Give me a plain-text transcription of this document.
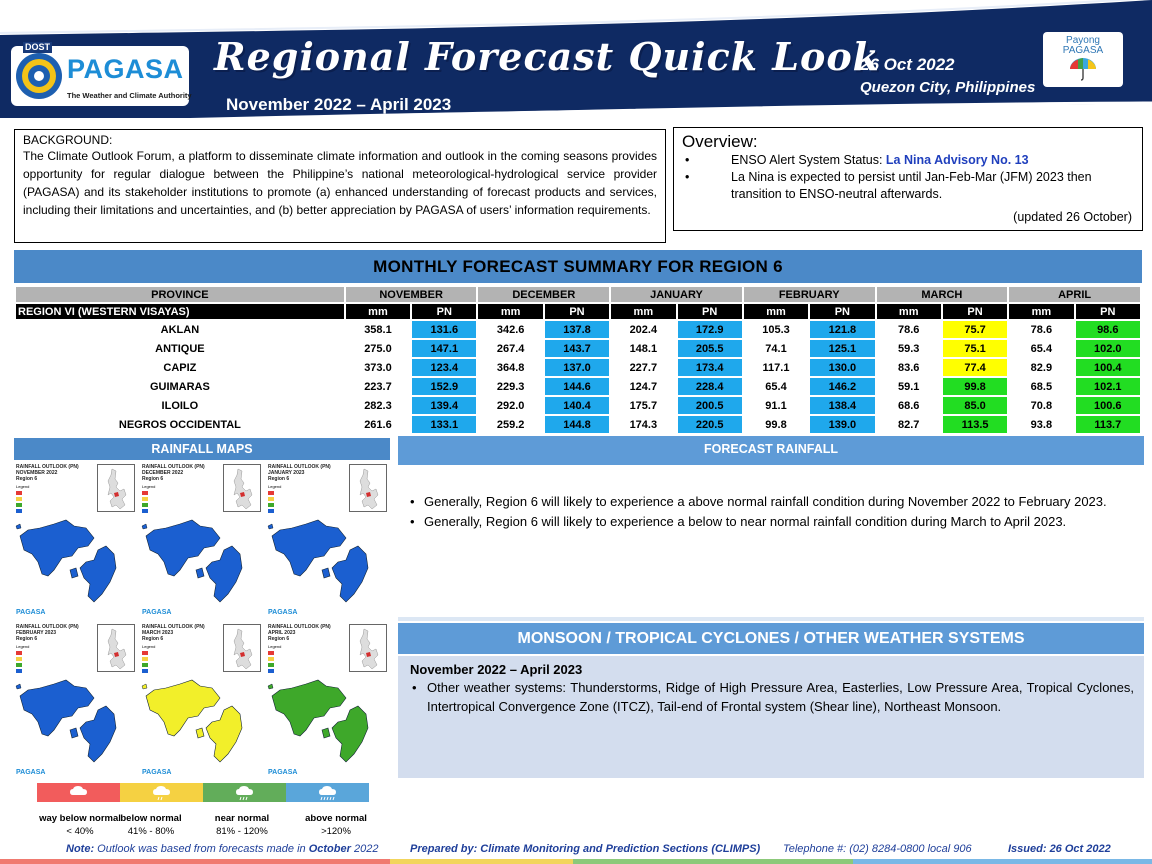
DOST
PAGASA
The Weather and Climate Authority
Regional Forecast Quick Look
November 2022 – April 2023
26 Oct 2022
Quezon City, Philippines
Payong
PAGASA
BACKGROUND:

The Climate Outlook Forum, a platform to disseminate climate information and outlook in the coming seasons provides opportunity for regular dialogue between the Philippine’s national meteorological-hydrological service provider (PAGASA) and its stakeholder institutions to promote (a) enhanced understanding of forecast products and services, including their limitations and uncertainties, and (b) better appreciation by PAGASA of users’ information requirements.

Overview:
• ENSO Alert System Status: La Nina Advisory No. 13
• La Nina is expected to persist until Jan-Feb-Mar (JFM) 2023 then transition to ENSO-neutral afterwards.
(updated 26 October)
MONTHLY FORECAST SUMMARY FOR REGION 6
PROVINCE	NOVEMBER		DECEMBER		JANUARY		FEBRUARY		MARCH		APRIL	
REGION VI (WESTERN VISAYAS)	mm	PN	mm	PN	mm	PN	mm	PN	mm	PN	mm	PN
AKLAN	358.1	131.6	342.6	137.8	202.4	172.9	105.3	121.8	78.6	75.7	78.6	98.6
ANTIQUE	275.0	147.1	267.4	143.7	148.1	205.5	74.1	125.1	59.3	75.1	65.4	102.0
CAPIZ	373.0	123.4	364.8	137.0	227.7	173.4	117.1	130.0	83.6	77.4	82.9	100.4
GUIMARAS	223.7	152.9	229.3	144.6	124.7	228.4	65.4	146.2	59.1	99.8	68.5	102.1
ILOILO	282.3	139.4	292.0	140.4	175.7	200.5	91.1	138.4	68.6	85.0	70.8	100.6
NEGROS OCCIDENTAL	261.6	133.1	259.2	144.8	174.3	220.5	99.8	139.0	82.7	113.5	93.8	113.7
RAINFALL MAPS
RAINFALL OUTLOOK (PN)
NOVEMBER 2022
Region 6
Legend
PAGASA
RAINFALL OUTLOOK (PN)
DECEMBER 2022
Region 6
Legend
PAGASA
RAINFALL OUTLOOK (PN)
JANUARY 2023
Region 6
Legend
PAGASA
RAINFALL OUTLOOK (PN)
FEBRUARY 2023
Region 6
Legend
PAGASA
RAINFALL OUTLOOK (PN)
MARCH 2023
Region 6
Legend
PAGASA
RAINFALL OUTLOOK (PN)
APRIL 2023
Region 6
Legend
PAGASA
way below normal
< 40%
below normal
41% - 80%
near normal
81% - 120%
above normal
>120%
FORECAST RAINFALL
• Generally, Region 6 will likely to experience a above normal rainfall condition during November 2022 to February 2023.
• Generally, Region 6 will likely to experience a below to near normal rainfall condition during March to April 2023.
MONSOON / TROPICAL CYCLONES / OTHER WEATHER SYSTEMS
November 2022 – April 2023
• Other weather systems: Thunderstorms, Ridge of High Pressure Area, Easterlies, Low Pressure Area, Tropical Cyclones, Intertropical Convergence Zone (ITCZ), Tail-end of Frontal system (Shear line), Northeast Monsoon.
Note: Outlook was based from forecasts made in October 2022	Prepared by: Climate Monitoring and Prediction Sections (CLIMPS) Telephone #: (02) 8284-0800 local 906	Issued: 26 Oct 2022
